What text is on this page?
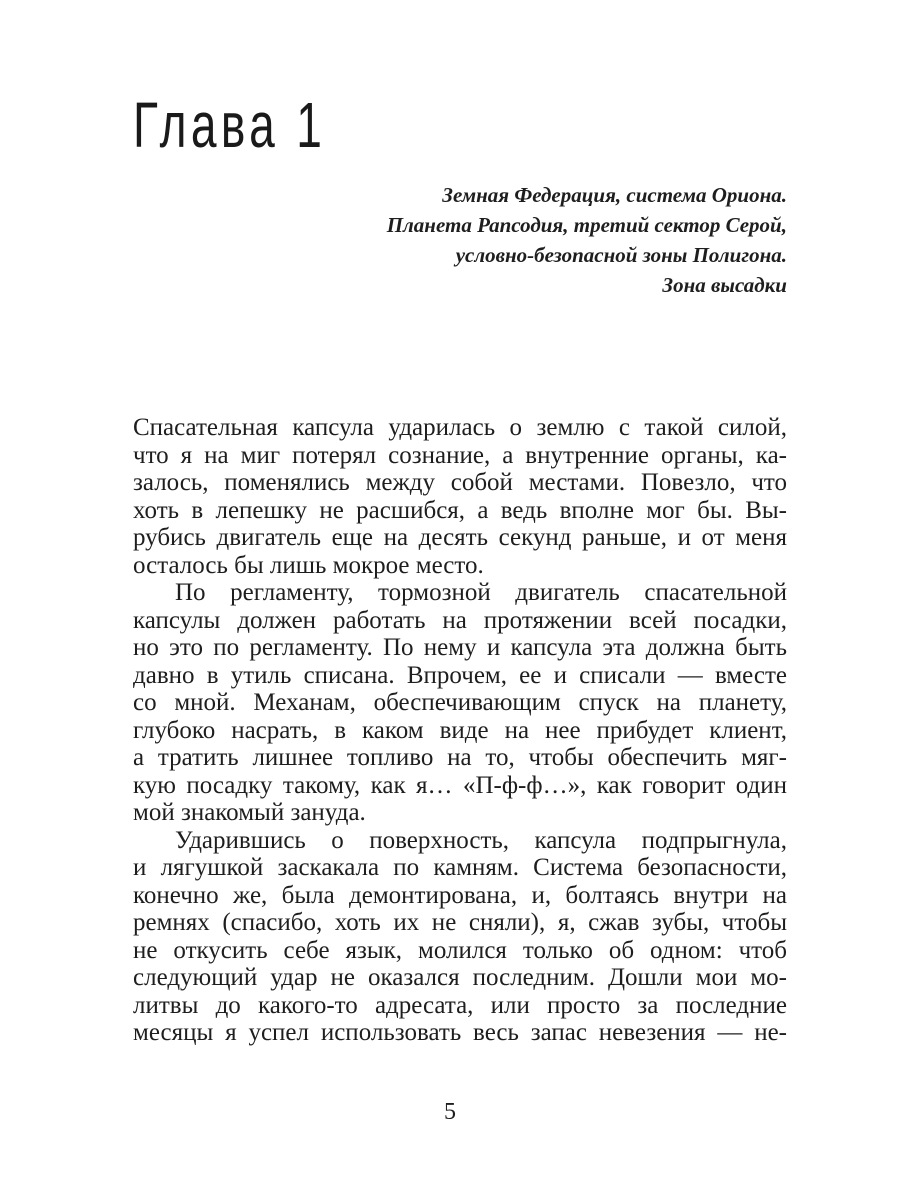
Глава 1
Земная Федерация, система Ориона.
Планета Рапсодия, третий сектор Серой,
условно-безопасной зоны Полигона.
Зона высадки
Спасательная капсула ударилась о землю с такой силой,
что я на миг потерял сознание, а внутренние органы, ка-
залось, поменялись между собой местами. Повезло, что
хоть в лепешку не расшибся, а ведь вполне мог бы. Вы-
рубись двигатель еще на десять секунд раньше, и от меня
осталось бы лишь мокрое место.
По регламенту, тормозной двигатель спасательной
капсулы должен работать на протяжении всей посадки,
но это по регламенту. По нему и капсула эта должна быть
давно в утиль списана. Впрочем, ее и списали — вместе
со мной. Механам, обеспечивающим спуск на планету,
глубоко насрать, в каком виде на нее прибудет клиент,
а тратить лишнее топливо на то, чтобы обеспечить мяг-
кую посадку такому, как я… «П-ф-ф…», как говорит один
мой знакомый зануда.
Ударившись о поверхность, капсула подпрыгнула,
и лягушкой заскакала по камням. Система безопасности,
конечно же, была демонтирована, и, болтаясь внутри на
ремнях (спасибо, хоть их не сняли), я, сжав зубы, чтобы
не откусить себе язык, молился только об одном: чтоб
следующий удар не оказался последним. Дошли мои мо-
литвы до какого-то адресата, или просто за последние
месяцы я успел использовать весь запас невезения — не-
5
